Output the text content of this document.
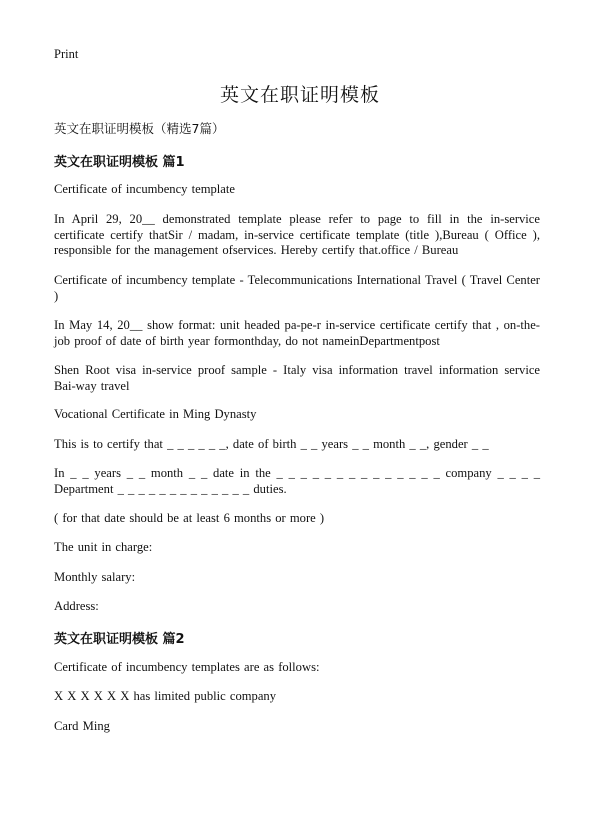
Print
英文在职证明模板
英文在职证明模板（精选7篇）
英文在职证明模板 篇1

Certificate of incumbency template

In April 29, 20__ demonstrated template please refer to page to fill in the in-service certificate certify thatSir / madam, in-service certificate template (title ),Bureau ( Office ), responsible for the management ofservices. Hereby certify that.office / Bureau

Certificate of incumbency template - Telecommunications International Travel ( Travel Center )

In May 14, 20__ show format: unit headed pa-pe-r in-service certificate certify that , on-the-job proof of date of birth year formonthday, do not nameinDepartmentpost

Shen Root visa in-service proof sample - Italy visa information travel information service Bai-way travel

Vocational Certificate in Ming Dynasty

This is to certify that _ _ _ _ _ _, date of birth _ _ years _ _ month _ _, gender _ _

In _ _ years _ _ month _ _ date in the _ _ _ _ _ _ _ _ _ _ _ _ _ _ company _ _ _ _ Department _ _ _ _ _ _ _ _ _ _ _ _ _ duties.

( for that date should be at least 6 months or more )

The unit in charge:

Monthly salary:

Address:

英文在职证明模板 篇2

Certificate of incumbency templates are as follows:

X X X X X X has limited public company

Card Ming
